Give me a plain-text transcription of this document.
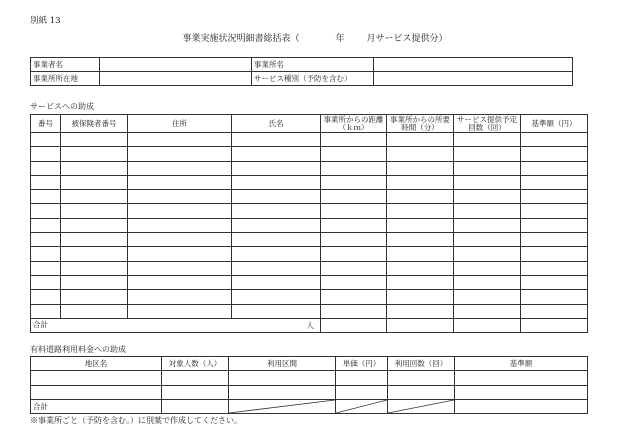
別紙 13
事業実施状況明細書総括表（	年 月サービス提供分）
事業者名		事業所名	
事業所所在地		サービス種別（予防を含む）	
サービスへの助成
番号	被保険者番号	住所	氏名	事業所からの距離（ｋｍ）	事業所からの所要時間（分）	サービス提供予定回数（回）	基準額（円）

合計 人							

有料道路利用料金への助成
地区名	対象人数（人）	利用区間	単価（円）	利用回数（回）	基準額

合計		

※事業所ごと（予防を含む。）に別葉で作成してください。
